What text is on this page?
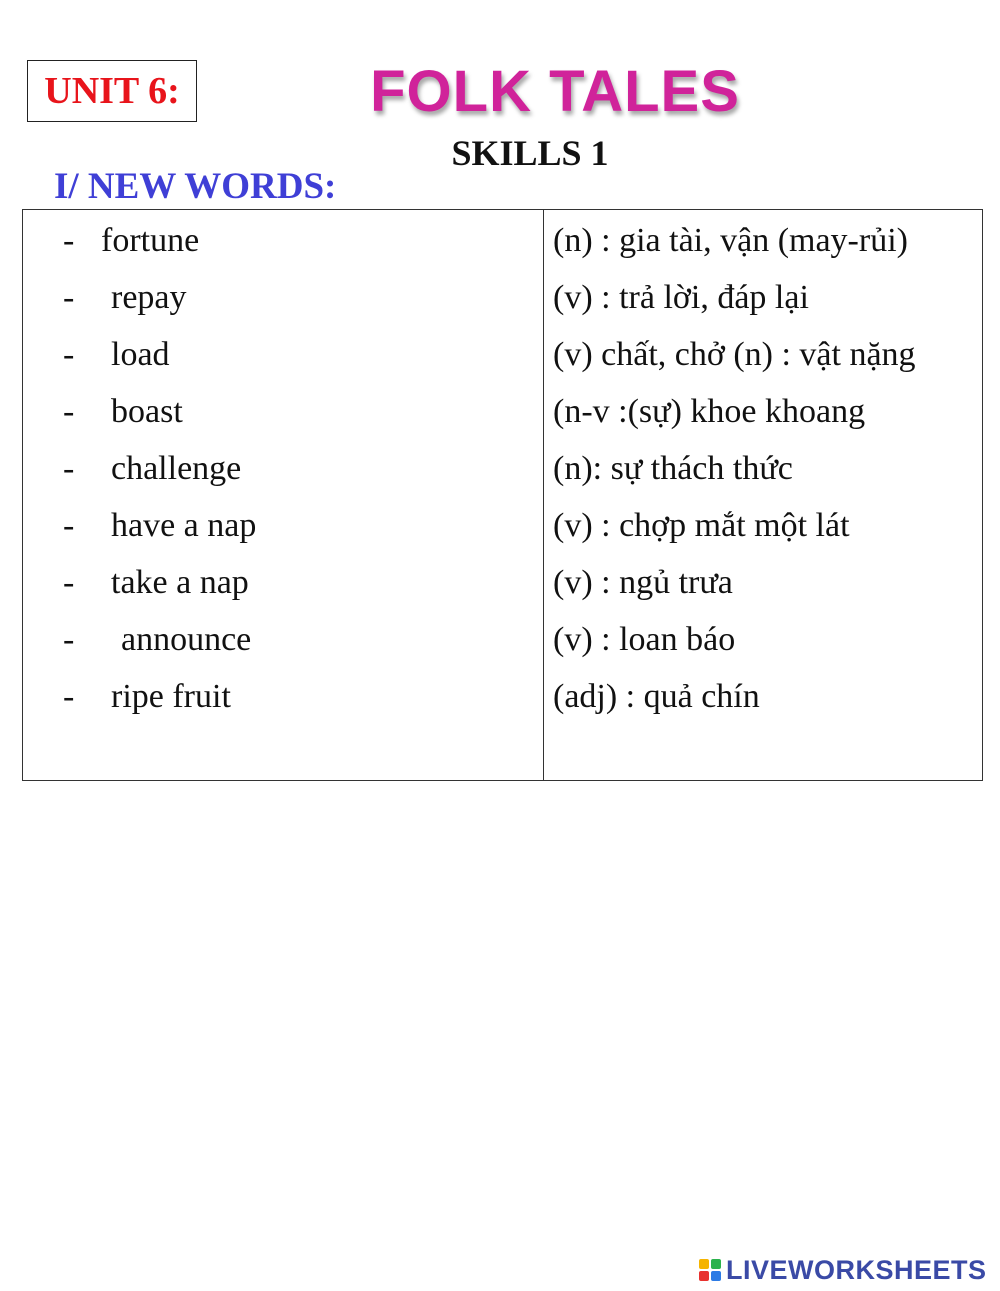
UNIT 6:	FOLK TALES
SKILLS 1
I/ NEW WORDS:
- fortune	(n) : gia tài, vận (may-rủi)
- repay	(v) : trả lời, đáp lại
- load	(v) chất, chở (n) : vật nặng
- boast	(n-v :(sự) khoe khoang
- challenge	(n): sự thách thức
- have a nap	(v) : chợp mắt một lát
- take a nap	(v) : ngủ trưa
- announce	(v) : loan báo
- ripe fruit	(adj) : quả chín
LIVEWORKSHEETS
